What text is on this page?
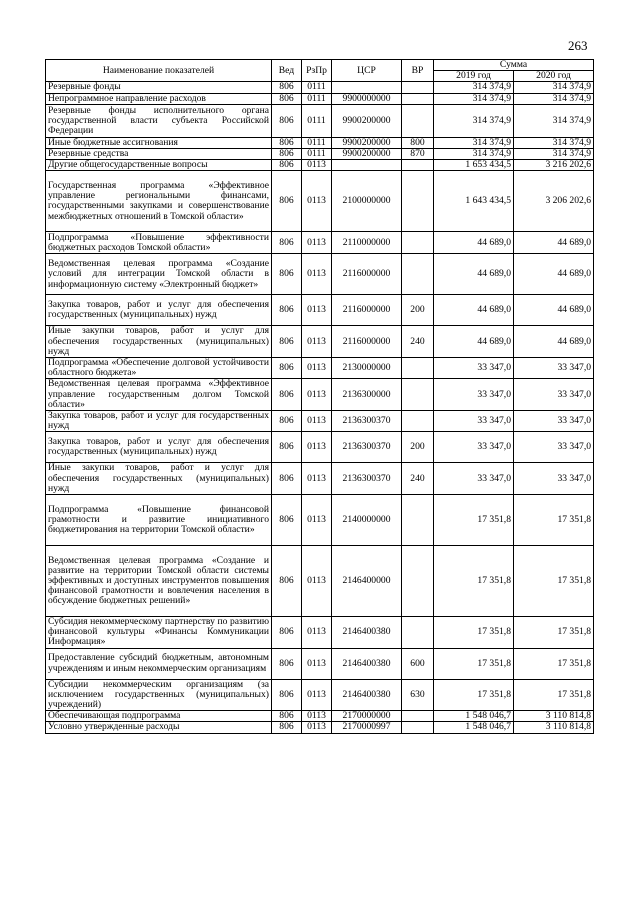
263
Наименование показателей	Вед	РзПр	ЦСР	ВР	Сумма	
					2019 год	2020 год
Резервные фонды	806	0111			314 374,9	314 374,9
Непрограммное направление расходов	806	0111	9900000000		314 374,9	314 374,9
Резервные фонды исполнительного органа государственной власти субъекта Российской Федерации	806	0111	9900200000		314 374,9	314 374,9
Иные бюджетные ассигнования	806	0111	9900200000	800	314 374,9	314 374,9
Резервные средства	806	0111	9900200000	870	314 374,9	314 374,9
Другие общегосударственные вопросы	806	0113			1 653 434,5	3 216 202,6
Государственная программа «Эффективное управление региональными финансами, государственными закупками и совершенствование межбюджетных отношений в Томской области»	806	0113	2100000000		1 643 434,5	3 206 202,6
Подпрограмма «Повышение эффективности бюджетных расходов Томской области»	806	0113	2110000000		44 689,0	44 689,0
Ведомственная целевая программа «Создание условий для интеграции Томской области в информационную систему «Электронный бюджет»	806	0113	2116000000		44 689,0	44 689,0
Закупка товаров, работ и услуг для обеспечения государственных (муниципальных) нужд	806	0113	2116000000	200	44 689,0	44 689,0
Иные закупки товаров, работ и услуг для обеспечения государственных (муниципальных) нужд	806	0113	2116000000	240	44 689,0	44 689,0
Подпрограмма «Обеспечение долговой устойчивости областного бюджета»	806	0113	2130000000		33 347,0	33 347,0
Ведомственная целевая программа «Эффективное управление государственным долгом Томской области»	806	0113	2136300000		33 347,0	33 347,0
Закупка товаров, работ и услуг для государственных нужд	806	0113	2136300370		33 347,0	33 347,0
Закупка товаров, работ и услуг для обеспечения государственных (муниципальных) нужд	806	0113	2136300370	200	33 347,0	33 347,0
Иные закупки товаров, работ и услуг для обеспечения государственных (муниципальных) нужд	806	0113	2136300370	240	33 347,0	33 347,0
Подпрограмма «Повышение финансовой грамотности и развитие инициативного бюджетирования на территории Томской области»	806	0113	2140000000		17 351,8	17 351,8
Ведомственная целевая программа «Создание и развитие на территории Томской области системы эффективных и доступных инструментов повышения финансовой грамотности и вовлечения населения в обсуждение бюджетных решений»	806	0113	2146400000		17 351,8	17 351,8
Субсидия некоммерческому партнерству по развитию финансовой культуры «Финансы Коммуникации Информация»	806	0113	2146400380		17 351,8	17 351,8
Предоставление субсидий бюджетным, автономным учреждениям и иным некоммерческим организациям	806	0113	2146400380	600	17 351,8	17 351,8
Субсидии некоммерческим организациям (за исключением государственных (муниципальных) учреждений)	806	0113	2146400380	630	17 351,8	17 351,8
Обеспечивающая подпрограмма	806	0113	2170000000		1 548 046,7	3 110 814,8
Условно утвержденные расходы	806	0113	2170000997		1 548 046,7	3 110 814,8
